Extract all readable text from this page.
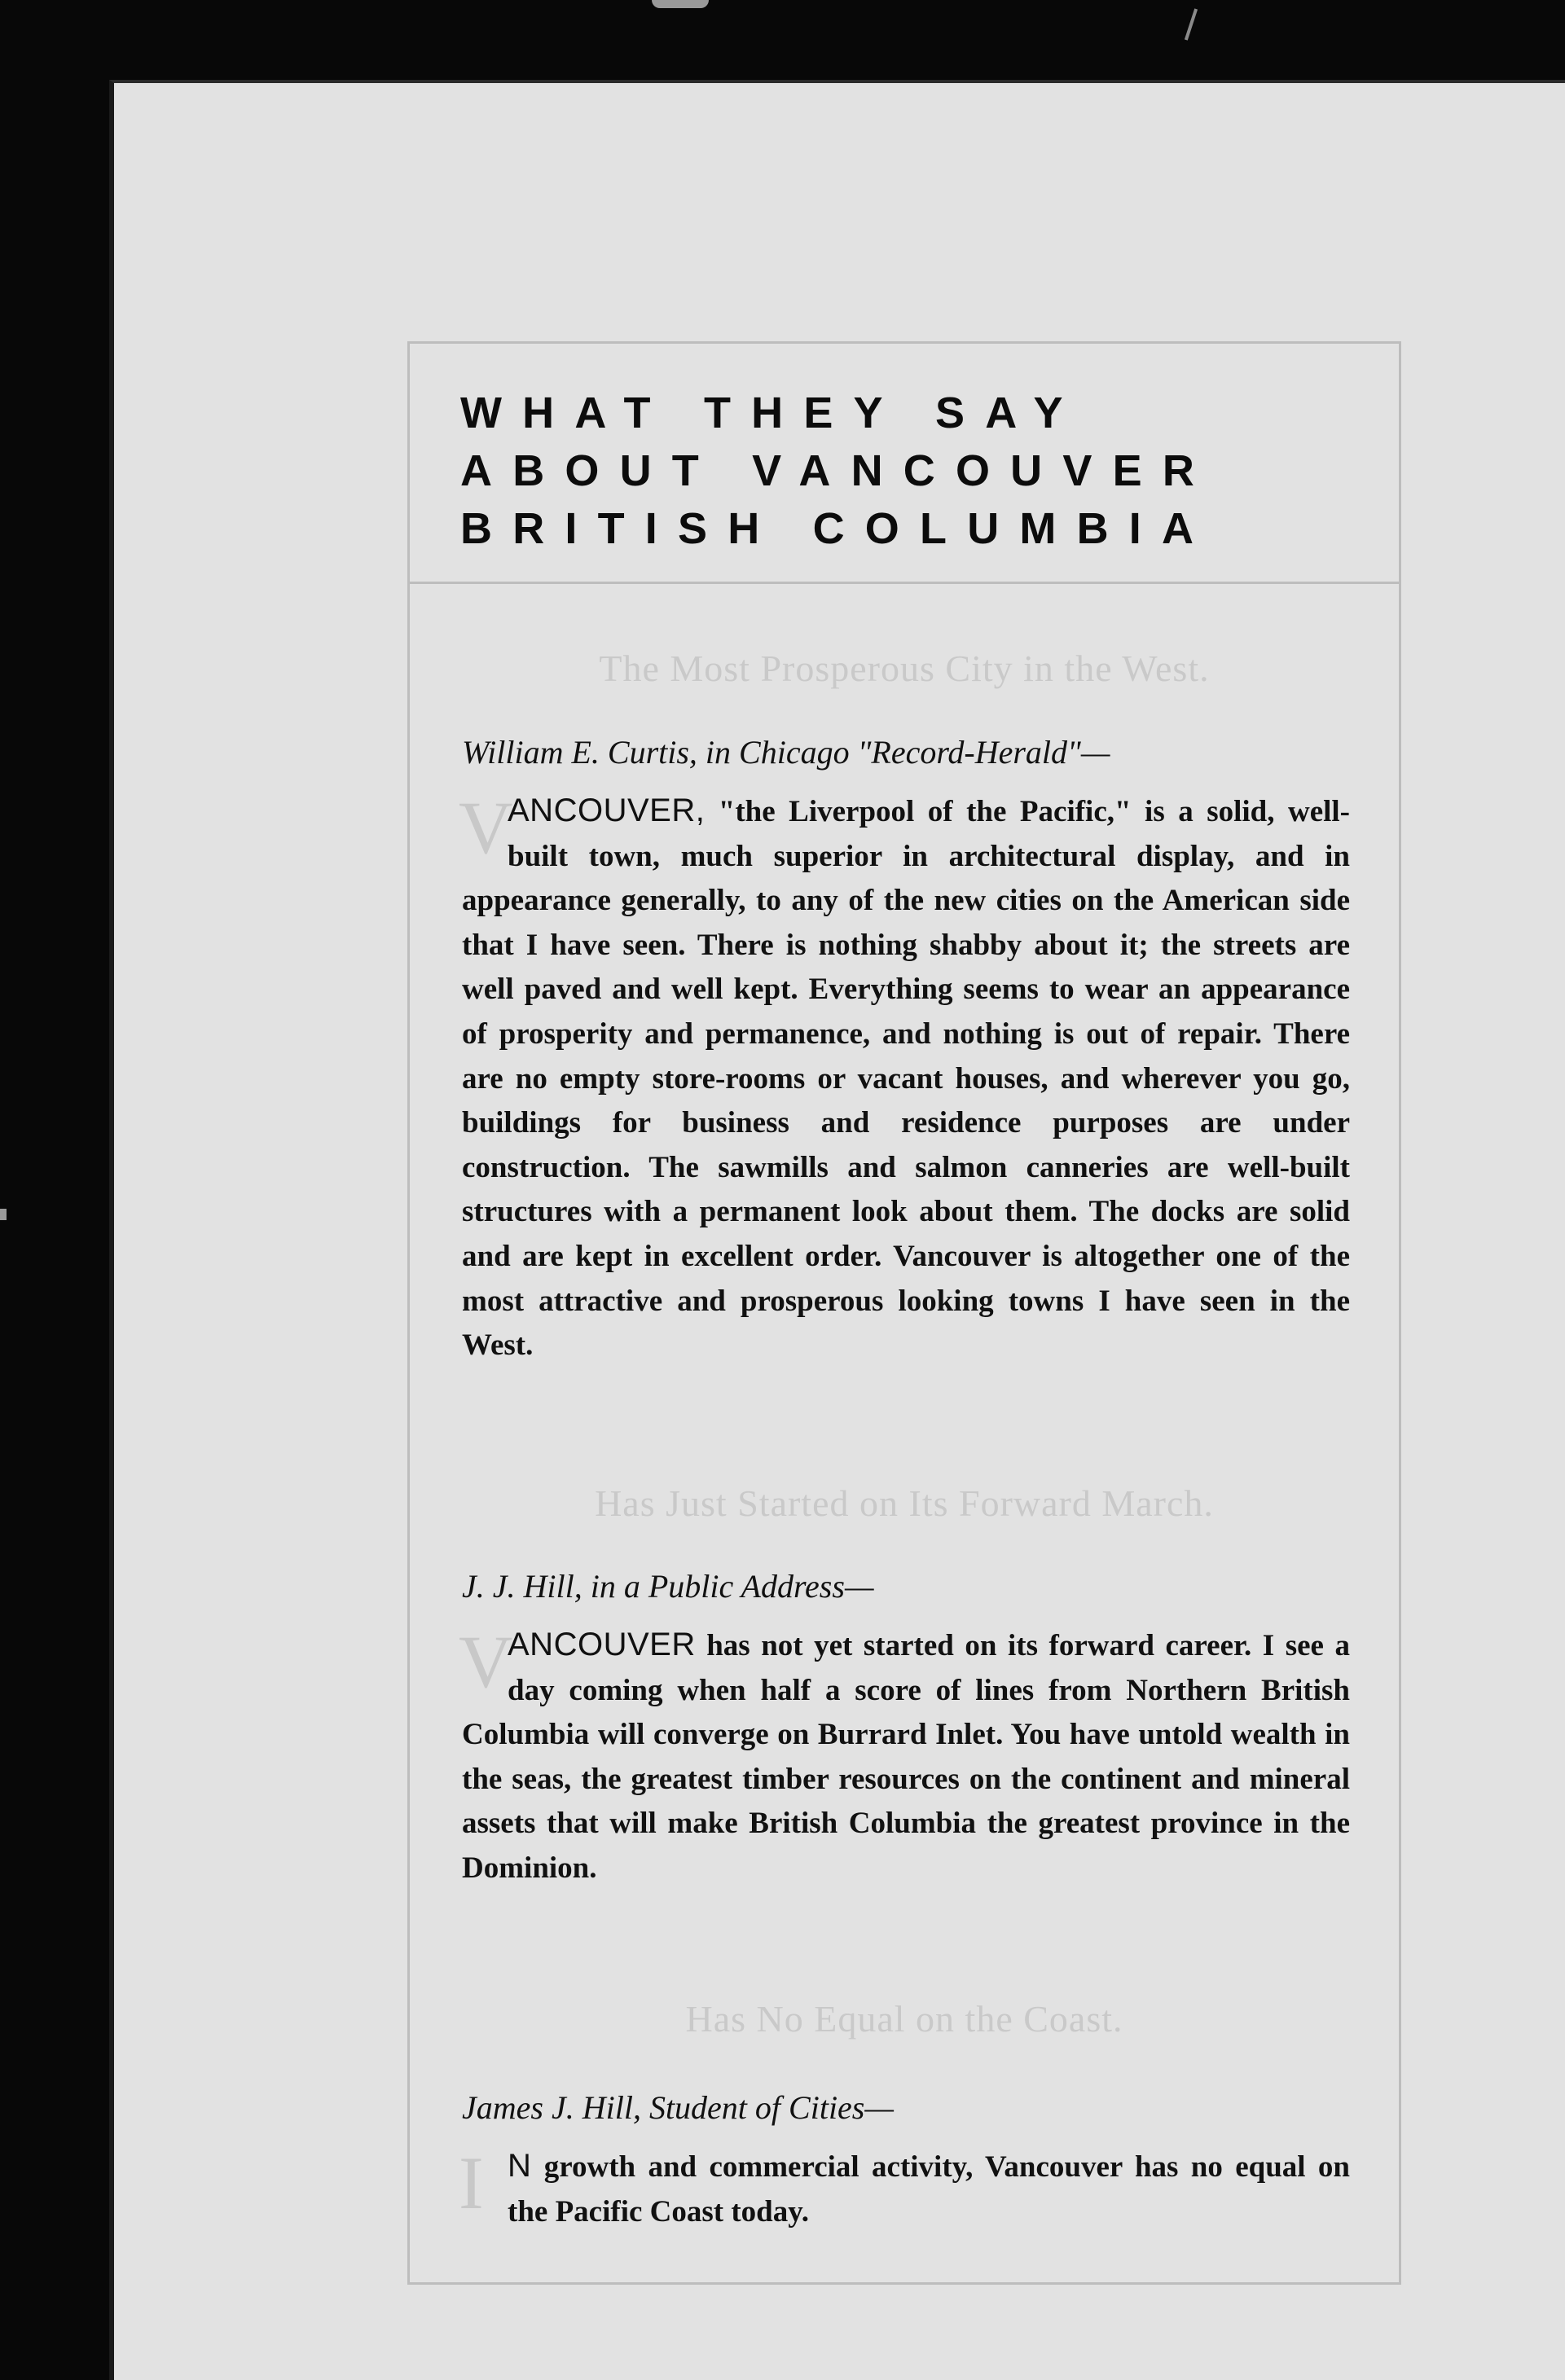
WHAT THEY SAY
ABOUT VANCOUVER
BRITISH COLUMBIA
The Most Prosperous City in the West.
William E. Curtis, in Chicago "Record-Herald"—
V
ANCOUVER, "the Liverpool of the Pacific," is a solid, well-built town, much superior in architectural display, and in appearance generally, to any of the new cities on the American side that I have seen. There is nothing shabby about it; the streets are well paved and well kept. Everything seems to wear an appearance of prosperity and permanence, and nothing is out of repair. There are no empty store-rooms or vacant houses, and wherever you go, buildings for business and residence purposes are under construction. The sawmills and salmon canneries are well-built structures with a permanent look about them. The docks are solid and are kept in excellent order. Vancouver is altogether one of the most attractive and prosperous looking towns I have seen in the West.
Has Just Started on Its Forward March.
J. J. Hill, in a Public Address—
V
ANCOUVER has not yet started on its forward career. I see a day coming when half a score of lines from Northern British Columbia will converge on Burrard Inlet. You have untold wealth in the seas, the greatest timber resources on the continent and mineral assets that will make British Columbia the greatest province in the Dominion.
Has No Equal on the Coast.
James J. Hill, Student of Cities—
I N growth and commercial activity, Vancouver has no equal on the Pacific Coast today.
